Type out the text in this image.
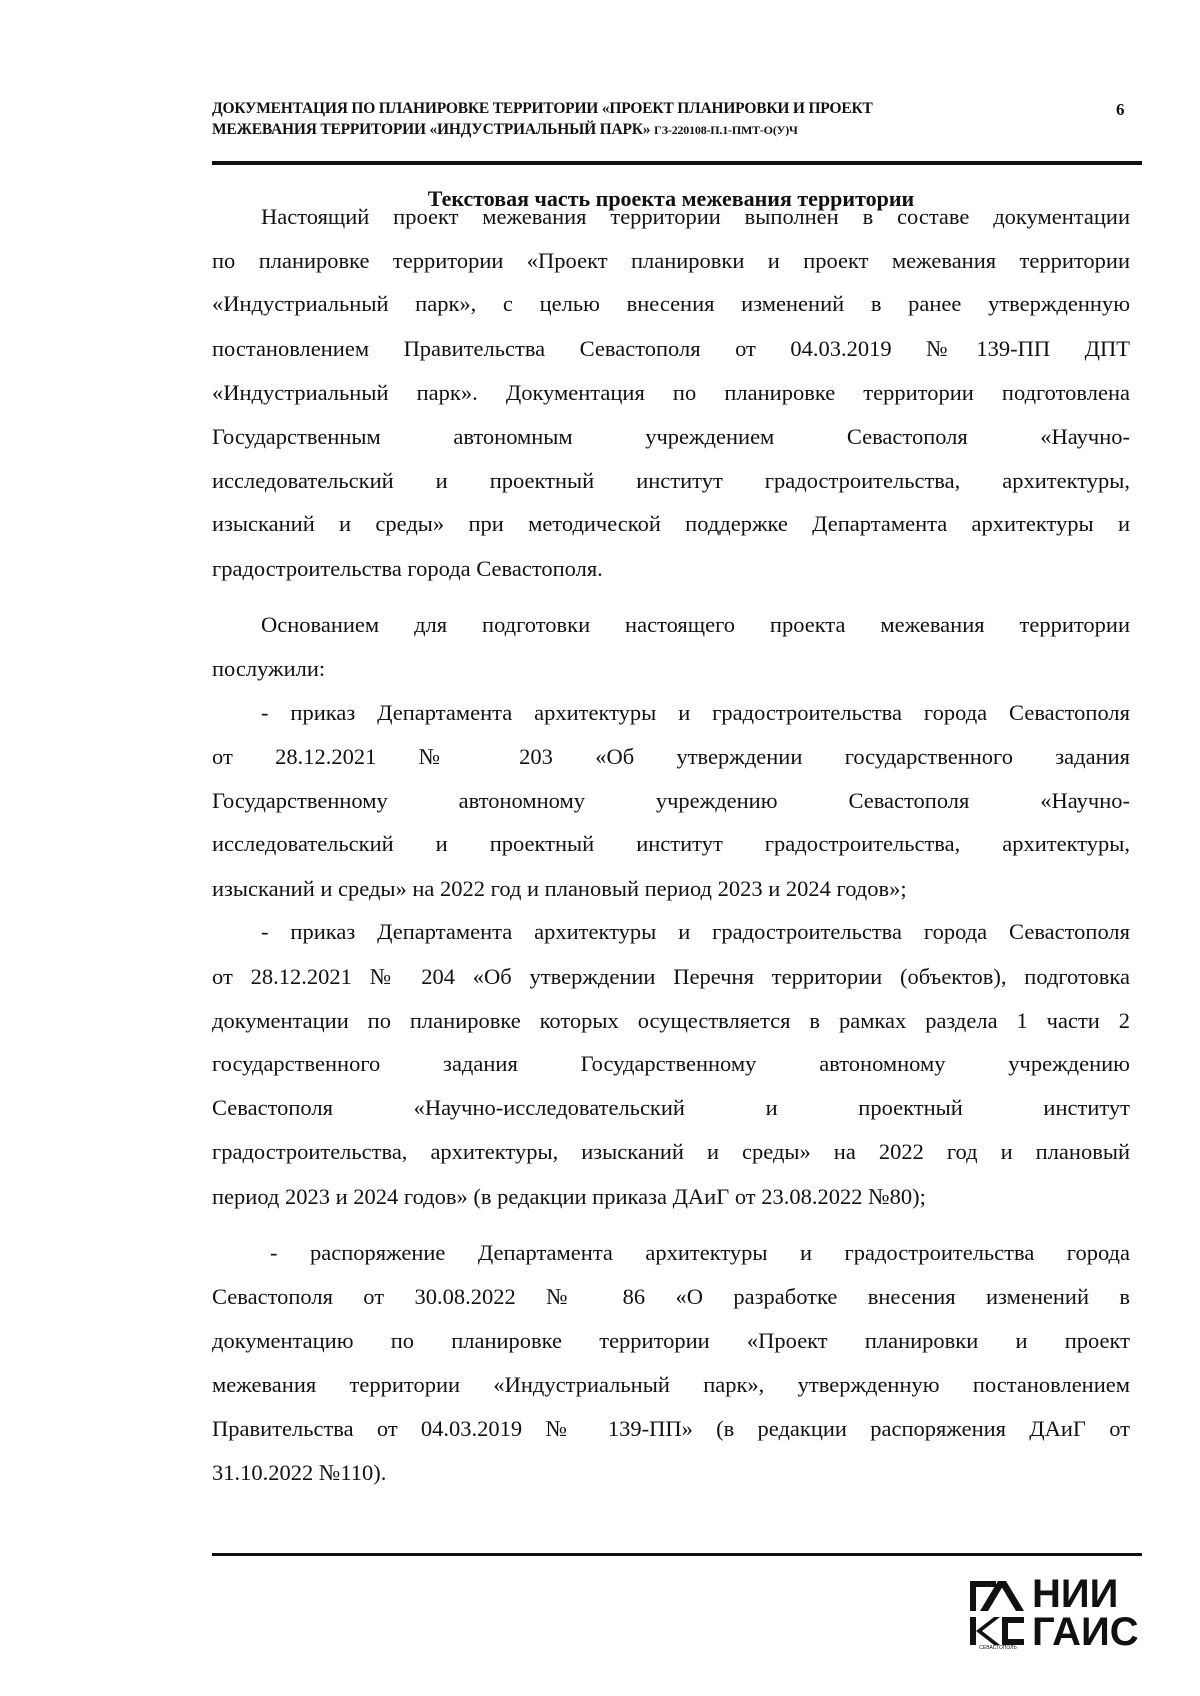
ДОКУМЕНТАЦИЯ ПО ПЛАНИРОВКЕ ТЕРРИТОРИИ «ПРОЕКТ ПЛАНИРОВКИ И ПРОЕКТ
МЕЖЕВАНИЯ ТЕРРИТОРИИ «ИНДУСТРИАЛЬНЫЙ ПАРК» ГЗ-220108-П.1-ПМТ-О(У)Ч
6
Текстовая часть проекта межевания территории
Настоящий проект межевания территории выполнен в составе документации
по планировке территории «Проект планировки и проект межевания территории
«Индустриальный парк», с целью внесения изменений в ранее утвержденную
постановлением Правительства Севастополя от 04.03.2019 №139-ПП ДПТ
«Индустриальный парк». Документация по планировке территории подготовлена
Государственным автономным учреждением Севастополя «Научно-
исследовательский и проектный институт градостроительства, архитектуры,
изысканий и среды» при методической поддержке Департамента архитектуры и
градостроительства города Севастополя.
Основанием для подготовки настоящего проекта межевания территории
послужили:
- приказ Департамента архитектуры и градостроительства города Севастополя
от 28.12.2021 № 203 «Об утверждении государственного задания
Государственному автономному учреждению Севастополя «Научно-
исследовательский и проектный институт градостроительства, архитектуры,
изысканий и среды» на 2022 год и плановый период 2023 и 2024 годов»;
- приказ Департамента архитектуры и градостроительства города Севастополя
от 28.12.2021 № 204 «Об утверждении Перечня территории (объектов), подготовка
документации по планировке которых осуществляется в рамках раздела 1 части 2
государственного задания Государственному автономному учреждению
Севастополя «Научно-исследовательский и проектный институт
градостроительства, архитектуры, изысканий и среды» на 2022 год и плановый
период 2023 и 2024 годов» (в редакции приказа ДАиГ от 23.08.2022 №80);
- распоряжение Департамента архитектуры и градостроительства города
Севастополя от 30.08.2022 № 86 «О разработке внесения изменений в
документацию по планировке территории «Проект планировки и проект
межевания территории «Индустриальный парк», утвержденную постановлением
Правительства от 04.03.2019 № 139-ПП» (в редакции распоряжения ДАиГ от
31.10.2022 №110).
НИИ
ГАИС
СЕВАСТОПОЛЬ
